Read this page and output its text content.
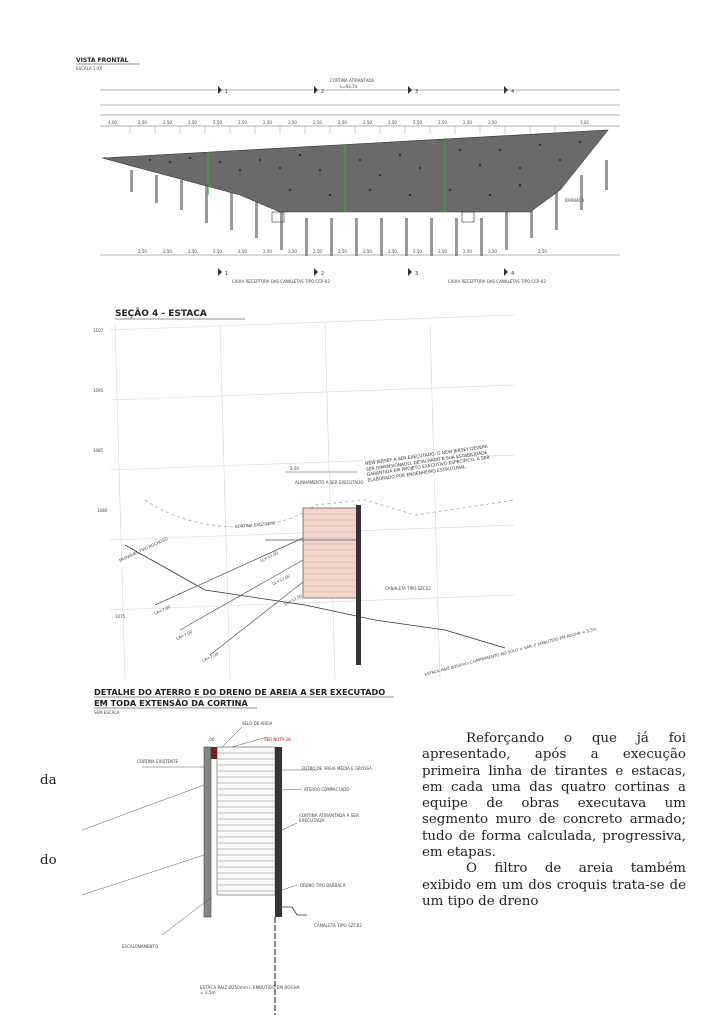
VISTA FRONTAL
ESCALA 1:XX
CORTINA ATIRANTADA
L=93,74
1	2	3	4
4,00	2,50	2,50	2,50	2,50	2,50	2,50	2,50	2,50	2,50	2,50	2,50	2,50	2,50	2,50	2,50	3,02
BARBACÃ
2,50	2,50	2,50	2,50	2,50	2,50	2,50	2,50	2,50	2,50	2,50	2,50	2,50	2,50	2,50	2,50
1	2	3	4
CAIXA RECEPTORA DAS CANALETAS TIPO CCP-02	CAIXA RECEPTORA DAS CANALETAS TIPO CCP-02
SEÇÃO 4 - ESTACA
1107
1095
1085
1080
1075
LA=7,00
LA=7,00
LA=7,00
LL=12,00
LL=12,00
LL=12,00
3,50
CORTINA EXISTENTE
PROVÁVEL TIPO ROCHOSO
ALINHAMENTO A SER EXECUTADO
NEW JERSEY A SER EXECUTADO. O NEW JERSEY DEVERÁ SER DIMENSIONADO, DETALHADO E SUA ESTABILIDADE GARANTIDA EM PROJETO EXECUTIVO ESPECÍFICO, A SER ELABORADO POR ENGENHEIRO ESTRUTURAL.
CANALETA TIPO SZC02
ESTACA RAIZ Ø250mm COMPRIMENTO NO SOLO = VAR. E EMBUTIDO EM ROCHA = 3,5m
DETALHE DO ATERRO E DO DRENO DE AREIA A SER EXECUTADO
EM TODA EXTENSÃO DA CORTINA
SEM ESCALA
,00
SELO DE AREIA
VER NOTA 28
CORTINA EXISTENTE
FILTRO DE AREIA MÉDIA E GROSSA
ATERRO COMPACTADO
CORTINA ATIRANTADA A SER EXECUTADA
DRENO TIPO BARBACÃ
CANALETA TIPO SZC02
ESCALONAMENTO
ESTACA RAIZ Ø250mm L EMBUTIDO EM ROCHA = 3,5m
da
do

Reforçando o que já foi apresentado, após a execução primeira linha de tirantes e estacas, em cada uma das quatro cortinas a equipe de obras executava um segmento muro de concreto armado; tudo de forma calculada, progressiva, em etapas.

O filtro de areia também exibido em um dos croquis trata-se de um tipo de dreno
